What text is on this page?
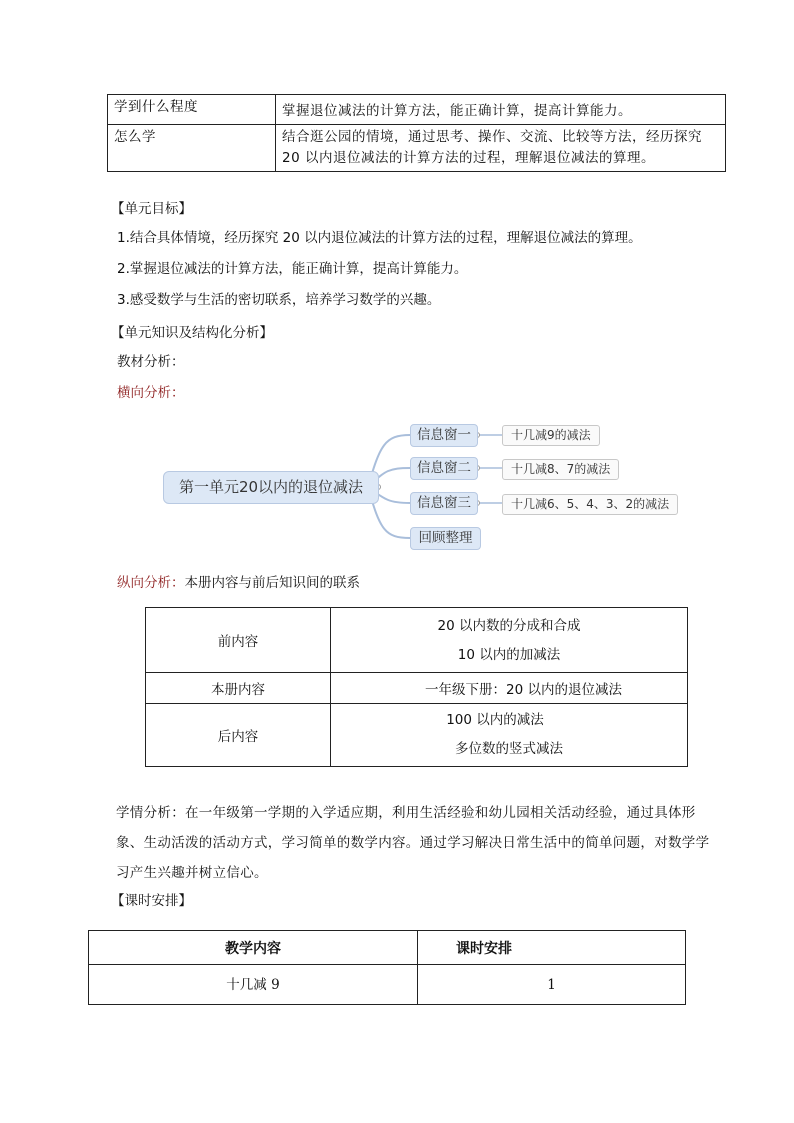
学到什么程度	掌握退位减法的计算方法，能正确计算，提高计算能力。
怎么学	结合逛公园的情境，通过思考、操作、交流、比较等方法，经历探究 20 以内退位减法的计算方法的过程，理解退位减法的算理。
【单元目标】
1.结合具体情境，经历探究 20 以内退位减法的计算方法的过程，理解退位减法的算理。
2.掌握退位减法的计算方法，能正确计算，提高计算能力。
3.感受数学与生活的密切联系，培养学习数学的兴趣。
【单元知识及结构化分析】
教材分析：
横向分析：
第一单元20以内的退位减法
信息窗一
信息窗二
信息窗三
回顾整理
十几减9的减法
十几减8、7的减法
十几减6、5、4、3、2的减法
纵向分析：本册内容与前后知识间的联系
前内容	20 以内数的分成和合成
10 以内的加减法

本册内容	一年级下册：20 以内的退位减法
后内容	100 以内的减法
多位数的竖式减法
学情分析：在一年级第一学期的入学适应期，利用生活经验和幼儿园相关活动经验，通过具体形象、生动活泼的活动方式，学习简单的数学内容。通过学习解决日常生活中的简单问题，对数学学习产生兴趣并树立信心。
【课时安排】
教学内容	课时安排
十几减 9	1
